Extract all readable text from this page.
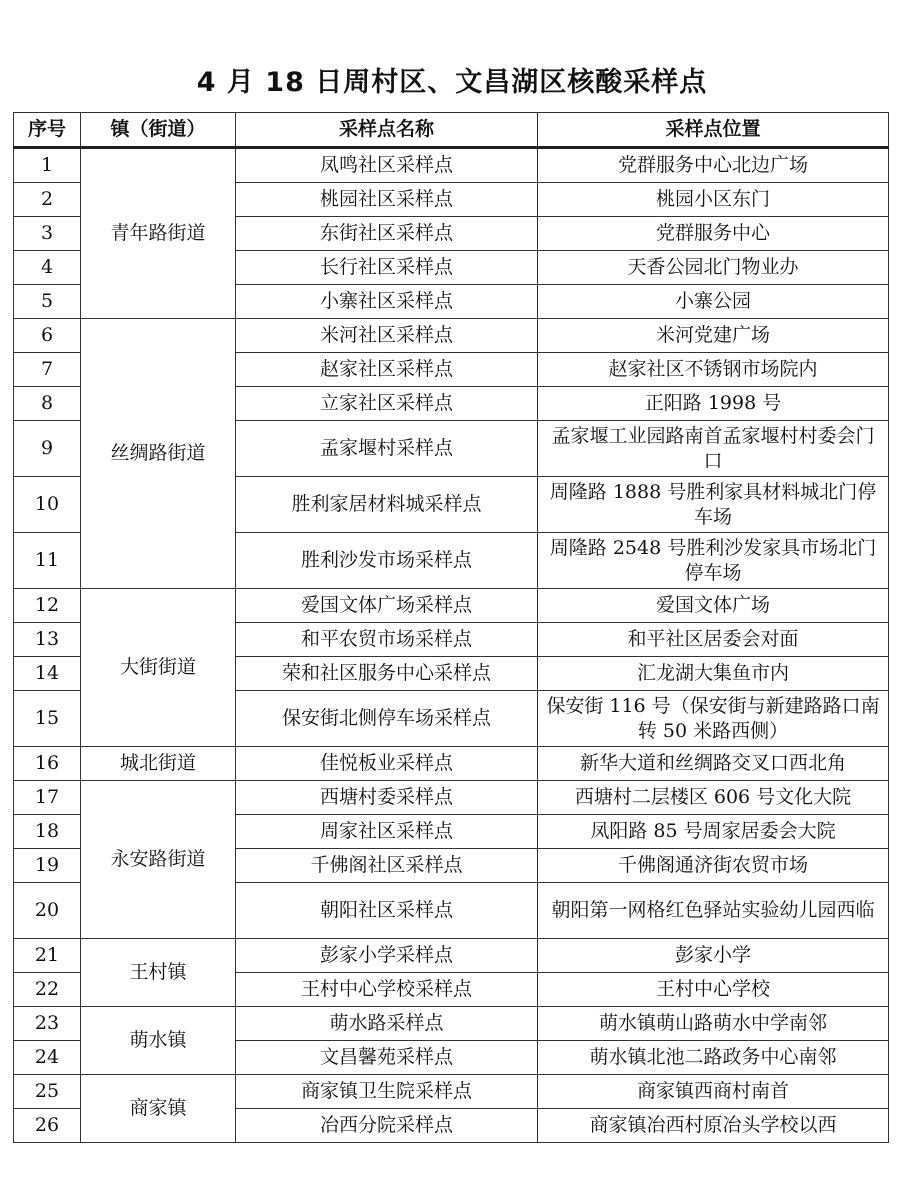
4 月 18 日周村区、文昌湖区核酸采样点
序号	镇（街道）	采样点名称	采样点位置
1	青年路街道	凤鸣社区采样点	党群服务中心北边广场
2		桃园社区采样点	桃园小区东门
3		东街社区采样点	党群服务中心
4		长行社区采样点	天香公园北门物业办
5		小寨社区采样点	小寨公园
6	丝绸路街道	米河社区采样点	米河党建广场
7		赵家社区采样点	赵家社区不锈钢市场院内
8		立家社区采样点	正阳路 1998 号
9		孟家堰村采样点	孟家堰工业园路南首孟家堰村村委会门口
10		胜利家居材料城采样点	周隆路 1888 号胜利家具材料城北门停车场
11		胜利沙发市场采样点	周隆路 2548 号胜利沙发家具市场北门停车场
12	大街街道	爱国文体广场采样点	爱国文体广场
13		和平农贸市场采样点	和平社区居委会对面
14		荣和社区服务中心采样点	汇龙湖大集鱼市内
15		保安街北侧停车场采样点	保安街 116 号（保安街与新建路路口南转 50 米路西侧）
16	城北街道	佳悦板业采样点	新华大道和丝绸路交叉口西北角
17	永安路街道	西塘村委采样点	西塘村二层楼区 606 号文化大院
18		周家社区采样点	凤阳路 85 号周家居委会大院
19		千佛阁社区采样点	千佛阁通济街农贸市场
20		朝阳社区采样点	朝阳第一网格红色驿站实验幼儿园西临
21	王村镇	彭家小学采样点	彭家小学
22		王村中心学校采样点	王村中心学校
23	萌水镇	萌水路采样点	萌水镇萌山路萌水中学南邻
24		文昌馨苑采样点	萌水镇北池二路政务中心南邻
25	商家镇	商家镇卫生院采样点	商家镇西商村南首
26		冶西分院采样点	商家镇冶西村原冶头学校以西
